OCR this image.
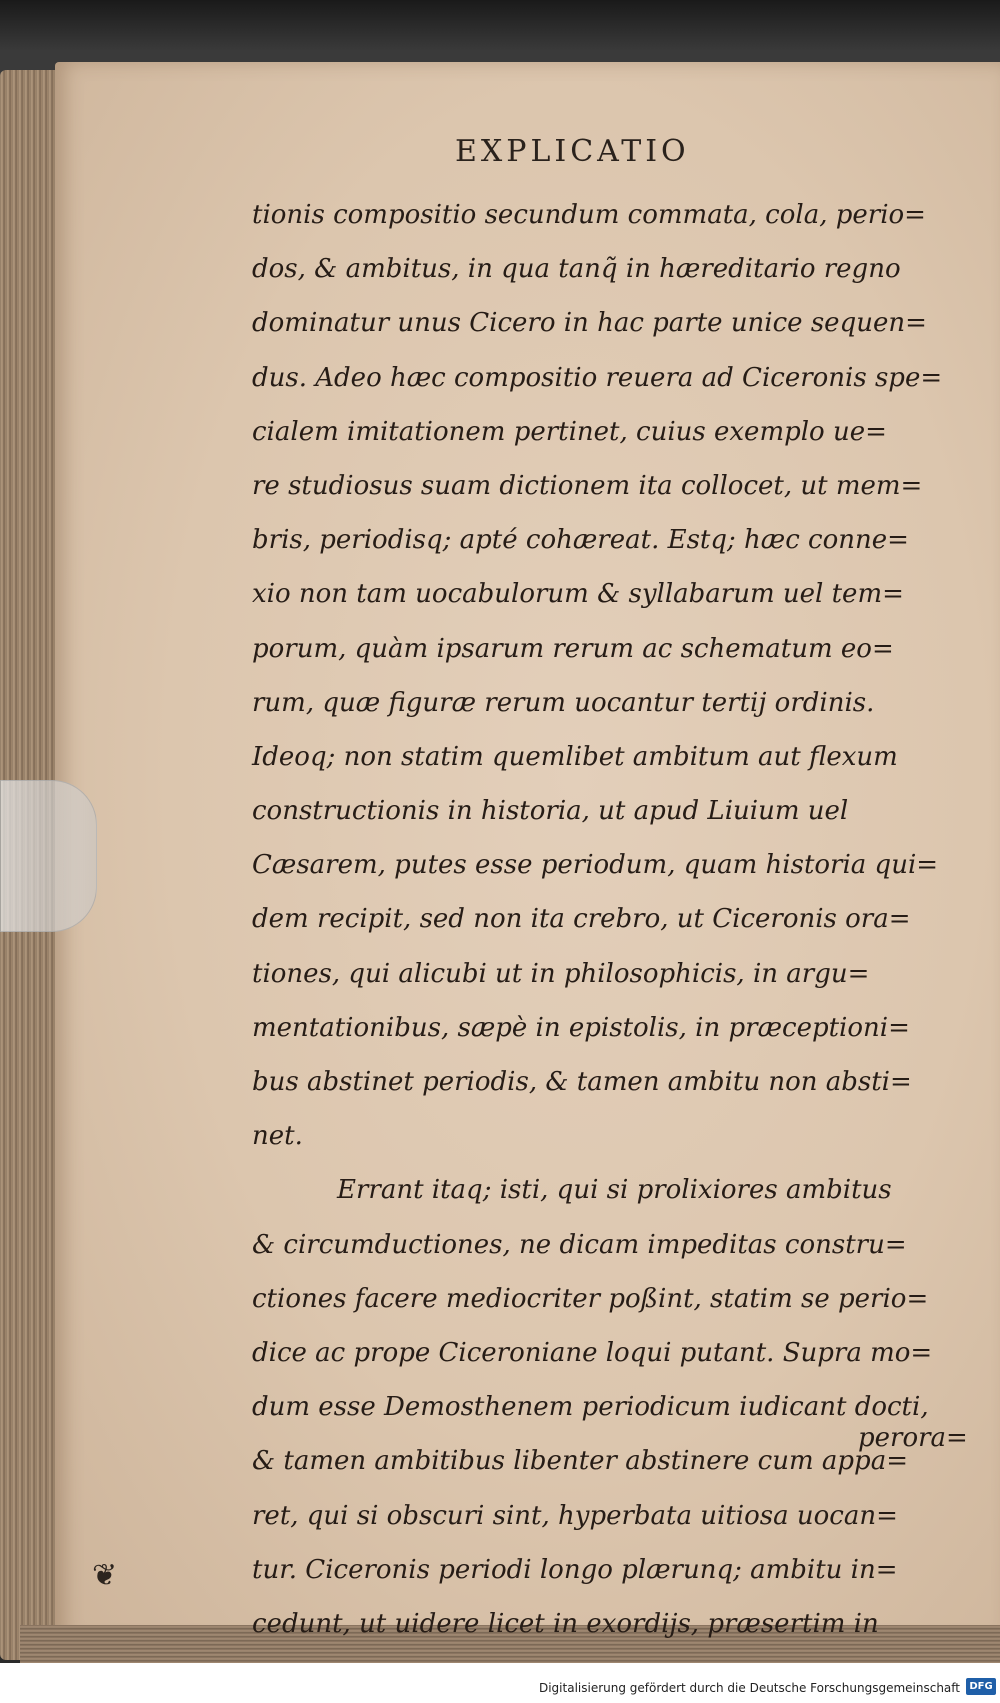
EXPLICATIO
tionis compositio secundum commata, cola, perio=
dos, & ambitus, in qua tanq̃ in hæreditario regno
dominatur unus Cicero in hac parte unice sequen=
dus. Adeo hæc compositio reuera ad Ciceronis spe=
cialem imitationem pertinet, cuius exemplo ue=
re studiosus suam dictionem ita collocet, ut mem=
bris, periodisq; apté cohæreat. Estq; hæc conne=
xio non tam uocabulorum & syllabarum uel tem=
porum, quàm ipsarum rerum ac schematum eo=
rum, quæ figuræ rerum uocantur tertij ordinis.
Ideoq; non statim quemlibet ambitum aut flexum
constructionis in historia, ut apud Liuium uel
Cæsarem, putes esse periodum, quam historia qui=
dem recipit, sed non ita crebro, ut Ciceronis ora=
tiones, qui alicubi ut in philosophicis, in argu=
mentationibus, sæpè in epistolis, in præceptioni=
bus abstinet periodis, & tamen ambitu non absti=
net.
Errant itaq; isti, qui si prolixiores ambitus
& circumductiones, ne dicam impeditas constru=
ctiones facere mediocriter poßint, statim se perio=
dice ac prope Ciceroniane loqui putant. Supra mo=
dum esse Demosthenem periodicum iudicant docti,
& tamen ambitibus libenter abstinere cum appa=
ret, qui si obscuri sint, hyperbata uitiosa uocan=
tur. Ciceronis periodi longo plærunq; ambitu in=
cedunt, ut uidere licet in exordijs, præsertim in
perora=
❦
Digitalisierung gefördert durch die Deutsche Forschungsgemeinschaft DFG
